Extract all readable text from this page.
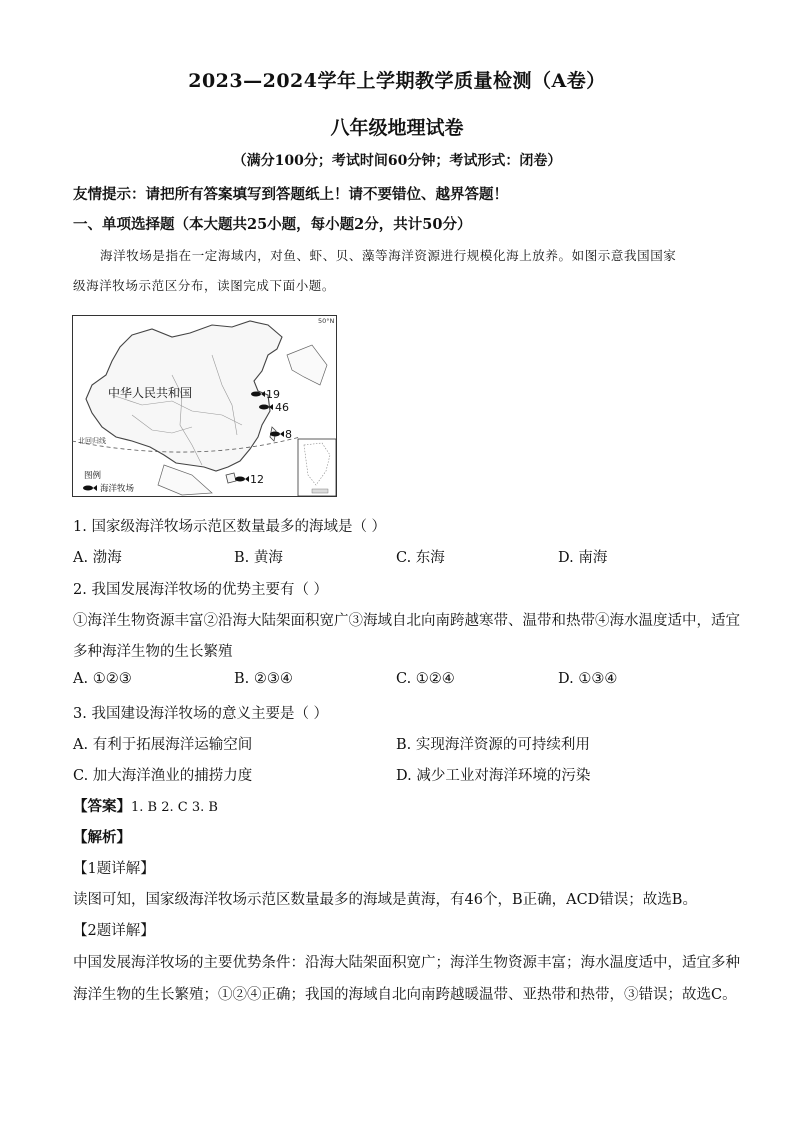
2023—2024学年上学期教学质量检测（A卷）
八年级地理试卷
（满分100分；考试时间60分钟；考试形式：闭卷）
友情提示：请把所有答案填写到答题纸上！请不要错位、越界答题！
一、单项选择题（本大题共25小题，每小题2分，共计50分）
海洋牧场是指在一定海域内，对鱼、虾、贝、藻等海洋资源进行规模化海上放养。如图示意我国国家
级海洋牧场示范区分布，读图完成下面小题。
北回归线
50°N
中华人民共和国	19
46
8
12
图例
海洋牧场
1. 国家级海洋牧场示范区数量最多的海域是（ ）
A. 渤海	B. 黄海	C. 东海	D. 南海
2. 我国发展海洋牧场的优势主要有（ ）
①海洋生物资源丰富②沿海大陆架面积宽广③海域自北向南跨越寒带、温带和热带④海水温度适中，适宜
多种海洋生物的生长繁殖
A. ①②③	B. ②③④	C. ①②④	D. ①③④
3. 我国建设海洋牧场的意义主要是（ ）
A. 有利于拓展海洋运输空间	B. 实现海洋资源的可持续利用
C. 加大海洋渔业的捕捞力度	D. 减少工业对海洋环境的污染
【答案】1. B 2. C 3. B
【解析】
【1题详解】
读图可知，国家级海洋牧场示范区数量最多的海域是黄海，有46个，B正确，ACD错误；故选B。
【2题详解】
中国发展海洋牧场的主要优势条件：沿海大陆架面积宽广；海洋生物资源丰富；海水温度适中，适宜多种
海洋生物的生长繁殖；①②④正确；我国的海域自北向南跨越暖温带、亚热带和热带，③错误；故选C。
